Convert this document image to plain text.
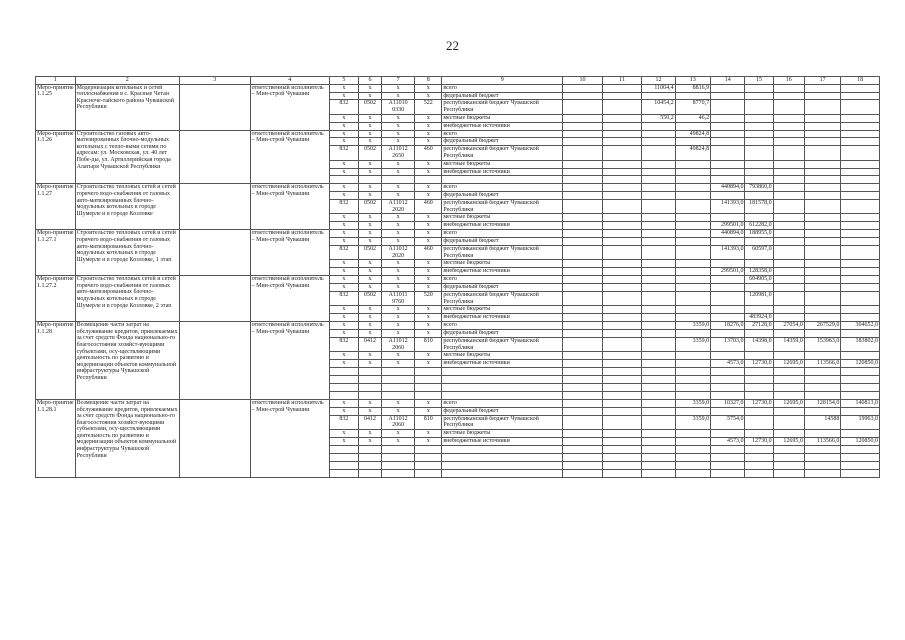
22
1	2	3	4	5	6	7	8	9	10	11	12	13	14	15	16	17	18
Меро-приятие 1.1.25	Модернизация котельных и сетей теплоснабжения в с. Красные Четаи Красноче-тайского района Чувашской Республики		ответственный исполнитель – Мин-строй Чувашии	x	x	x	x	всего			11004,4	8816,9					
				x	x	x	x	федеральный бюджет									
				832	0502	A11010 0330	522	республиканский бюджет Чувашской Республики			10454,2	8770,7					
				x	x	x	x	местные бюджеты			550,2	46,2					
				x	x	x	x	внебюджетные источники									
Меро-приятие 1.1.26	Строительство газовых авто-матизированных блочно-модульных котельных с тепло-выми сетями по адресам: ул. Московская, ул. 40 лет Побе-ды, ул. Артиллерийская города Алатыря Чувашской Республики		ответственный исполнитель – Мин-строй Чувашии	x	x	x	x	всего				49824,8					
				x	x	x	x	федеральный бюджет									
				832	0502	A11012 2650	460	республиканский бюджет Чувашской Республики				49824,8					
				x	x	x	x	местные бюджеты									
				x	x	x	x	внебюджетные источники									

Меро-приятие 1.1.27	Строительство тепловых сетей и сетей горячего водо-снабжения от газовых авто-матизированных блочно-модульных котельных в городе Шумерле и в городе Козловке		ответственный исполнитель – Мин-строй Чувашии	x	x	x	x	всего					440894,0	793860,0			
				x	x	x	x	федеральный бюджет									
				832	0502	A11012 2020	460	республиканский бюджет Чувашской Республики					141393,0	181578,0			
				x	x	x	x	местные бюджеты									
				x	x	x	x	внебюджетные источники					299501,0	612282,0			
Меро-приятие 1.1.27.1	Строительство тепловых сетей и сетей горячего водо-снабжения от газовых авто-матизированных блочно-модульных котельных в городе Шумерле и в городе Козловке, 1 этап		ответственный исполнитель – Мин-строй Чувашии	x	x	x	x	всего					440894,0	188955,0			
				x	x	x	x	федеральный бюджет									
				832	0502	A11012 2020	460	республиканский бюджет Чувашской Республики					141393,0	60597,0			
				x	x	x	x	местные бюджеты									
				x	x	x	x	внебюджетные источники					299501,0	128358,0			
Меро-приятие 1.1.27.2	Строительство тепловых сетей и сетей горячего водо-снабжения от газовых авто-матизированных блочно-модульных котельных в городе Шумерле и в городе Козловке, 2 этап		ответственный исполнитель – Мин-строй Чувашии	x	x	x	x	всего						604905,0			
				x	x	x	x	федеральный бюджет									
				832	0502	A11011 9760	520	республиканский бюджет Чувашской Республики						120981,0			
				x	x	x	x	местные бюджеты									
				x	x	x	x	внебюджетные источники						483924,0			
Меро-приятие 1.1.28	Возмещение части затрат на обслуживание кредитов, привлекаемых за счет средств Фонда национально-го благосостояния хозяйст-вующими субъектами, осу-ществляющими деятельность по развитию и модернизации объектов коммунальной инфраструктуры Чувашской Республики		ответственный исполнитель – Мин-строй Чувашии	x	x	x	x	всего				3359,0	18276,0	27128,0	27054,0	267529,0	304652,0
				x	x	x	x	федеральный бюджет									
				832	0412	A11012 2060	810	республиканский бюджет Чувашской Республики				3359,0	13703,0	14398,0	14359,0	153963,0	183802,0
				x	x	x	x	местные бюджеты									
				x	x	x	x	внебюджетные источники					4573,0	12730,0	12695,0	113566,0	120850,0

Меро-приятие 1.1.28.1	Возмещение части затрат на обслуживание кредитов, привлекаемых за счет средств Фонда национально-го благосостояния хозяйст-вующими субъектами, осу-ществляющими деятельность по развитию и модернизации объектов коммунальной инфраструктуры Чувашской Республики		ответственный исполнитель – Мин-строй Чувашии	x	x	x	x	всего				3359,0	10327,0	12730,0	12695,0	128154,0	140813,0
				x	x	x	x	федеральный бюджет									
				832	0412	A11012 2060	810	республиканский бюджет Чувашской Республики				3359,0	5754,0			14588	19963,0
				x	x	x	x	местные бюджеты									
				x	x	x	x	внебюджетные источники					4573,0	12730,0	12695,0	113566,0	120850,0
